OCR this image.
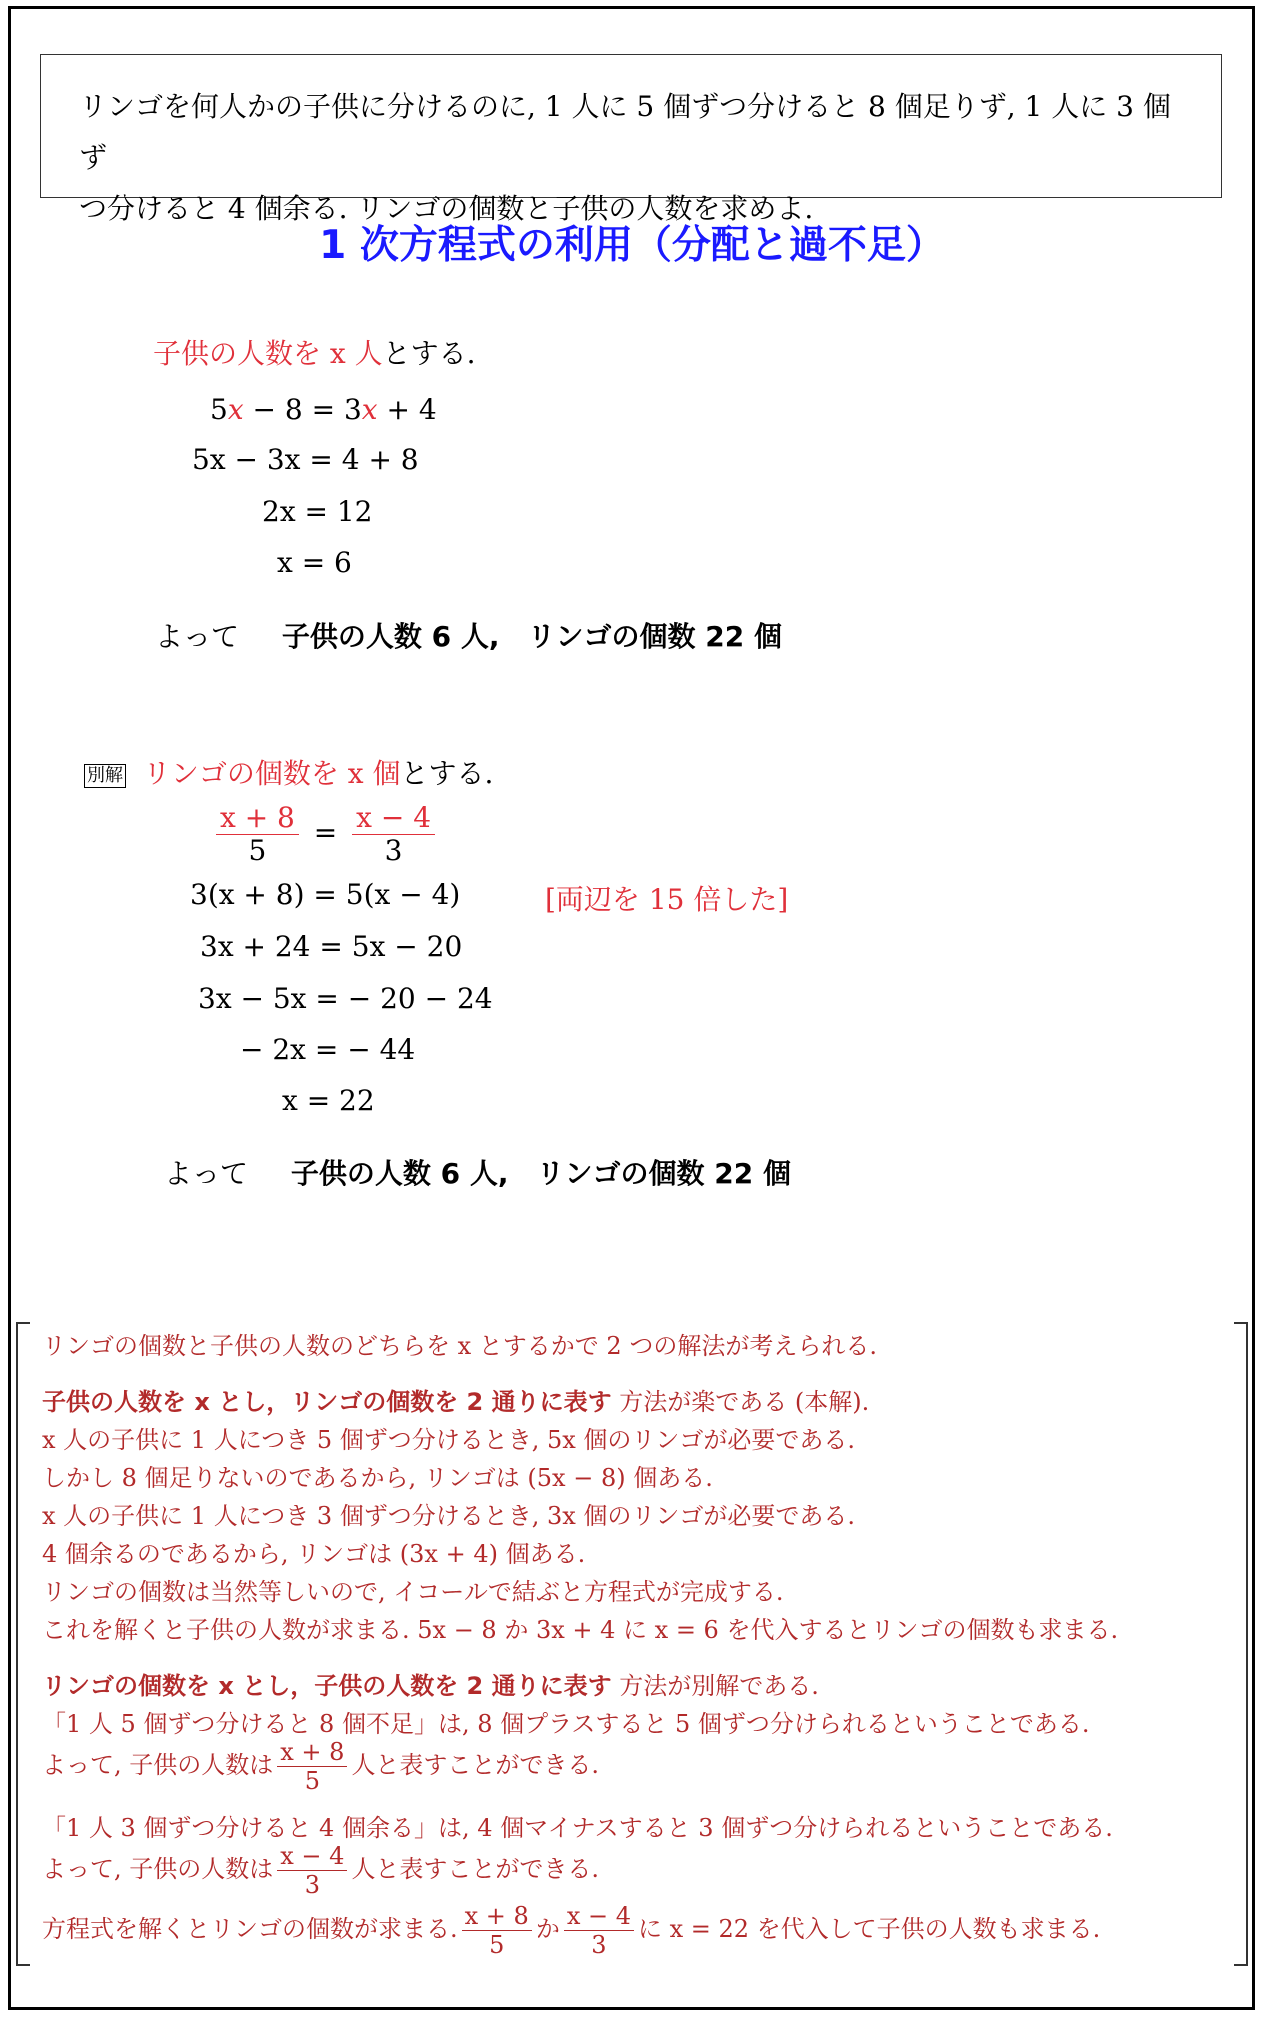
リンゴを何人かの子供に分けるのに, 1 人に 5 個ずつ分けると 8 個足りず, 1 人に 3 個ず
つ分けると 4 個余る. リンゴの個数と子供の人数を求めよ.
1 次方程式の利用（分配と過不足）
子供の人数を x 人とする.
5x − 8 = 3x + 4
5x − 3x = 4 + 8
2x = 12
x = 6
よって 子供の人数 6 人,　リンゴの個数 22 個
別解 リンゴの個数を x 個とする.
$\frac{x + 8}{5} = \frac{x - 4}{3}$
3(x + 8) = 5(x − 4)	[両辺を 15 倍した]
3x + 24 = 5x − 20
3x − 5x = − 20 − 24
− 2x = − 44
x = 22
よって 子供の人数 6 人,　リンゴの個数 22 個
リンゴの個数と子供の人数のどちらを x とするかで 2 つの解法が考えられる.
子供の人数を x とし，リンゴの個数を 2 通りに表す 方法が楽である (本解).
x 人の子供に 1 人につき 5 個ずつ分けるとき, 5x 個のリンゴが必要である.
しかし 8 個足りないのであるから, リンゴは (5x − 8) 個ある.
x 人の子供に 1 人につき 3 個ずつ分けるとき, 3x 個のリンゴが必要である.
4 個余るのであるから, リンゴは (3x + 4) 個ある.
リンゴの個数は当然等しいので, イコールで結ぶと方程式が完成する.
これを解くと子供の人数が求まる. 5x − 8 か 3x + 4 に x = 6 を代入するとリンゴの個数も求まる.
リンゴの個数を x とし，子供の人数を 2 通りに表す 方法が別解である.
「1 人 5 個ずつ分けると 8 個不足」は, 8 個プラスすると 5 個ずつ分けられるということである.
よって, 子供の人数は $\frac{x + 8}{5}$ 人と表すことができる.
「1 人 3 個ずつ分けると 4 個余る」は, 4 個マイナスすると 3 個ずつ分けられるということである.
よって, 子供の人数は $\frac{x - 4}{3}$ 人と表すことができる.
方程式を解くとリンゴの個数が求まる. $\frac{x + 8}{5}$ か $\frac{x - 4}{3}$ に x = 22 を代入して子供の人数も求まる.
